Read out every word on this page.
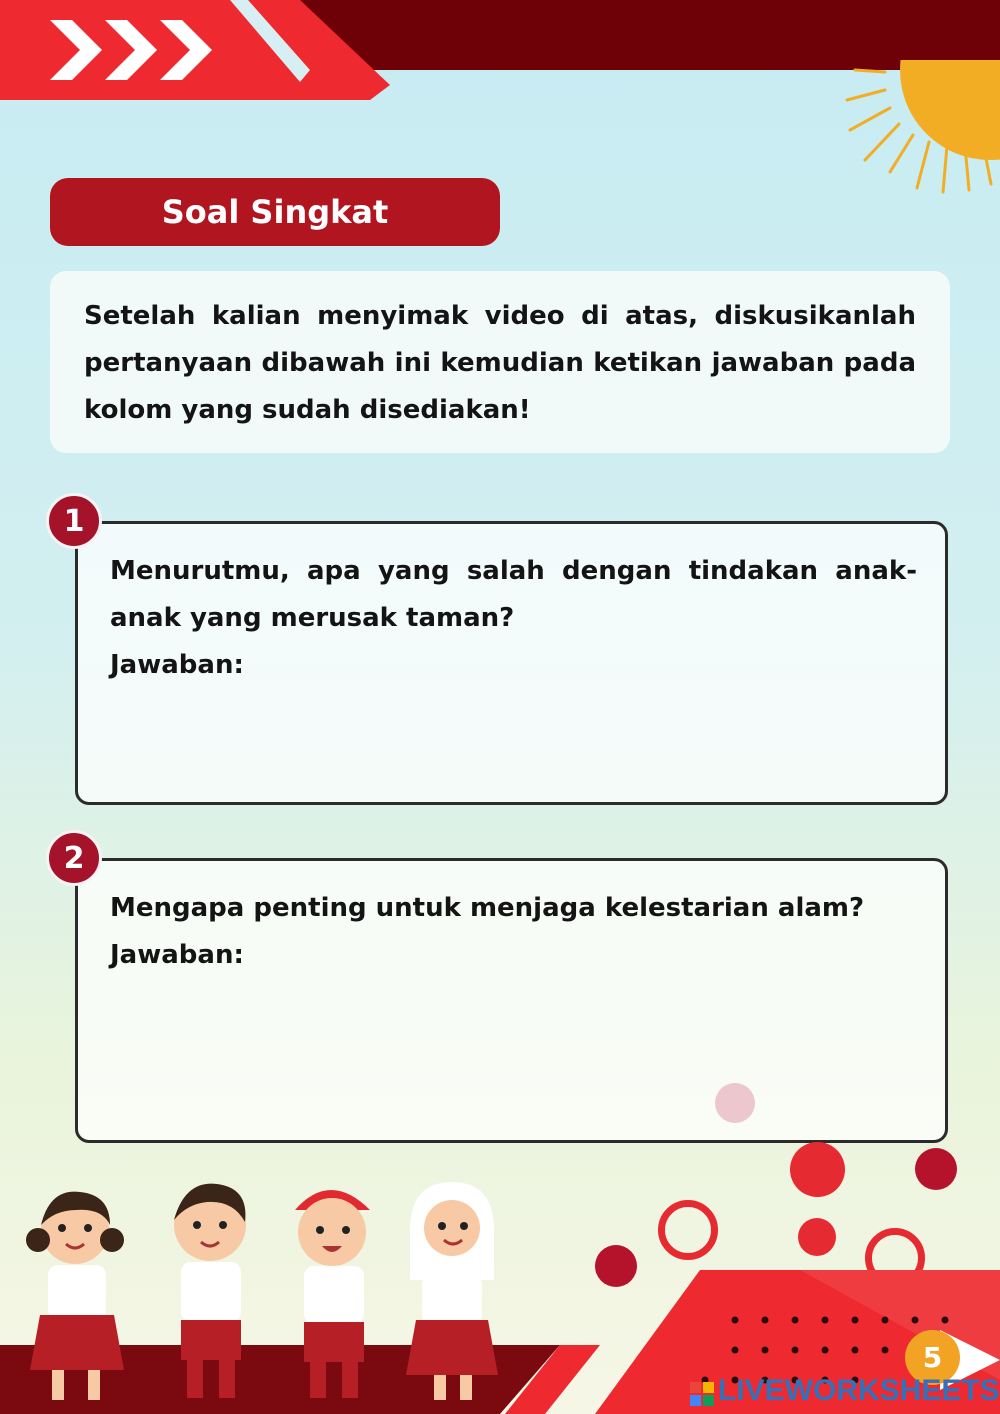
Soal Singkat

Setelah kalian menyimak video di atas, diskusikanlah pertanyaan dibawah ini kemudian ketikan jawaban pada kolom yang sudah disediakan!

Menurutmu, apa yang salah dengan tindakan anak-anak yang merusak taman?

Jawaban:

1

Mengapa penting untuk menjaga kelestarian alam?

Jawaban:

2
5
LIVEWORKSHEETS
